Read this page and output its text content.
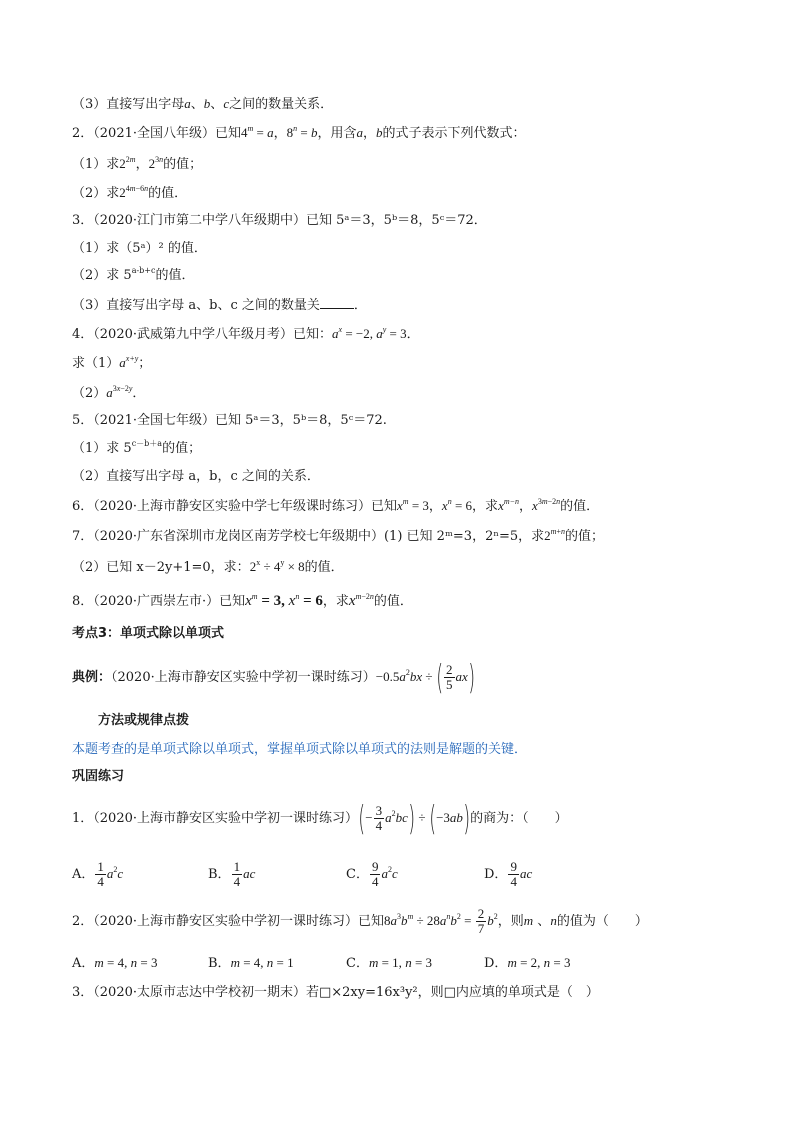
（3）直接写出字母a、b、c之间的数量关系．
2．（2021·全国八年级）已知$4^m = a$，$8^n = b$，用含a，b的式子表示下列代数式：
（1）求$2^{2m}$，$2^{3n}$的值；
（2）求$2^{4m-6n}$的值．
3．（2020·江门市第二中学八年级期中）已知 5ᵃ＝3，5ᵇ＝8，5ᶜ＝72．
（1）求（5ᵃ）² 的值．
（2）求 $5^{a-b+c}$的值．
（3）直接写出字母 a、b、c 之间的数量关	．
4．（2020·武威第九中学八年级月考）已知：$a^x = -2$, $a^y = 3$．
求$(1)a^{x+y}$；
$(2)a^{3x-2y}$．
5．（2021·全国七年级）已知 5ᵃ＝3，5ᵇ＝8，5ᶜ＝72.
（1）求 $5^{c-b+a}$的值；
（2）直接写出字母 a，b，c 之间的关系．
6．（2020·上海市静安区实验中学七年级课时练习）已知$x^m = 3$，$x^n = 6$，求$x^{m-n}$，$x^{3m-2n}$的值．
7．（2020·广东省深圳市龙岗区南芳学校七年级期中）(1) 已知 2ᵐ=3，2ⁿ=5，求$2^{m+n}$的值；
（2）已知 x－2y+1=0，求：$2^x \div 4^y \times 8$的值．
8．（2020·广西崇左市·）已知$x^m = 3$, $x^n = 6$，求$x^{m-2n}$的值．
考点3：单项式除以单项式
典例：（2020·上海市静安区实验中学初一课时练习）$-0.5a^2bx$ ÷ ( $\frac{2}{5} ax$)
方法或规律点拨
本题考查的是单项式除以单项式，掌握单项式除以单项式的法则是解题的关键．
巩固练习
1．（2020·上海市静安区实验中学初一课时练习）(− $\frac{3}{4} a^2bc) \div (-3ab)$的商为：（　　）
A． $\frac{1}{4} a^2c$	B． $\frac{1}{4}$ ac	C． $\frac{9}{4} a^2c$	D． $\frac{9}{4}$ ac
2．（2020·上海市静安区实验中学初一课时练习）已知$8a^3b^m \div 28a^nb^2 = \frac{2}{7} b^2$，则m 、n的值为（　　）
A．m = 4, n = 3	B．m = 4, n = 1	C．m = 1, n = 3	D．m = 2, n = 3
3．（2020·太原市志达中学校初一期末）若□×2xy=16x³y²，则□内应填的单项式是（　）
